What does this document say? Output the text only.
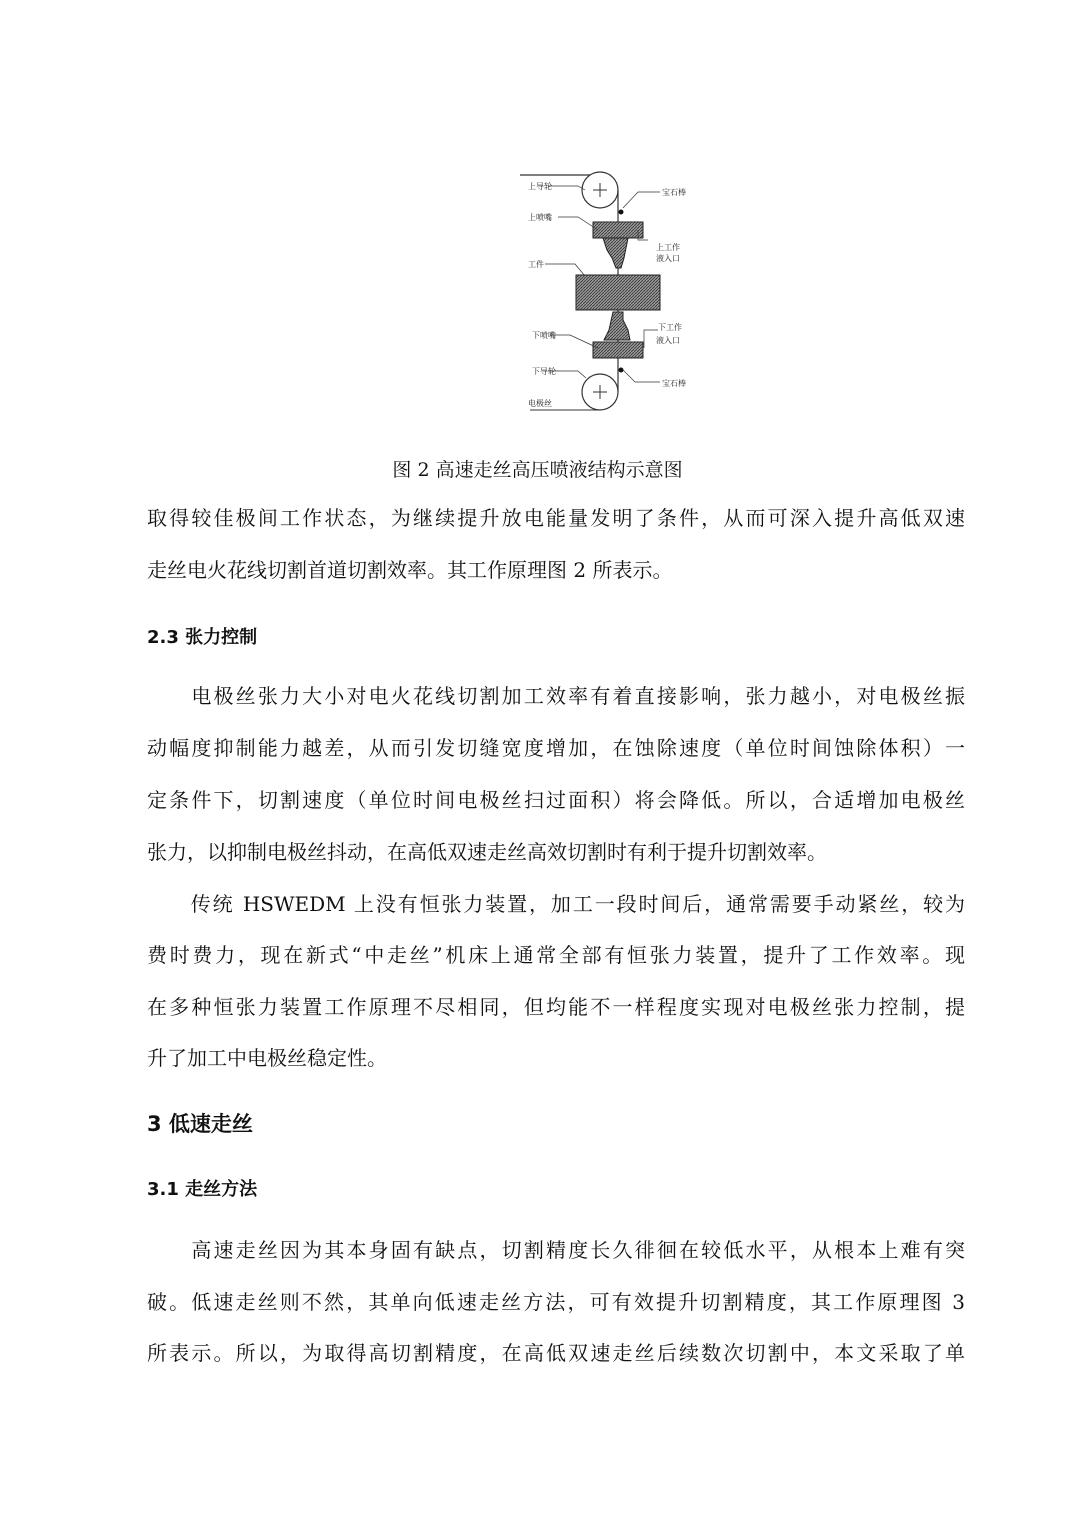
上导轮
宝石棒
上喷嘴
上工作
液入口
工件
下喷嘴
下工作
液入口
下导轮
宝石棒
电极丝
图 2 高速走丝高压喷液结构示意图
取得较佳极间工作状态，为继续提升放电能量发明了条件，从而可深入提升高低双速
走丝电火花线切割首道切割效率。其工作原理图 2 所表示。
2.3 张力控制
　　电极丝张力大小对电火花线切割加工效率有着直接影响，张力越小，对电极丝振
动幅度抑制能力越差，从而引发切缝宽度增加，在蚀除速度（单位时间蚀除体积）一
定条件下，切割速度（单位时间电极丝扫过面积）将会降低。所以，合适增加电极丝
张力，以抑制电极丝抖动，在高低双速走丝高效切割时有利于提升切割效率。
　　传统 HSWEDM 上没有恒张力装置，加工一段时间后，通常需要手动紧丝，较为
费时费力，现在新式“中走丝”机床上通常全部有恒张力装置，提升了工作效率。现
在多种恒张力装置工作原理不尽相同，但均能不一样程度实现对电极丝张力控制，提
升了加工中电极丝稳定性。
3 低速走丝
3.1 走丝方法
　　高速走丝因为其本身固有缺点，切割精度长久徘徊在较低水平，从根本上难有突
破。低速走丝则不然，其单向低速走丝方法，可有效提升切割精度，其工作原理图 3
所表示。所以，为取得高切割精度，在高低双速走丝后续数次切割中，本文采取了单
